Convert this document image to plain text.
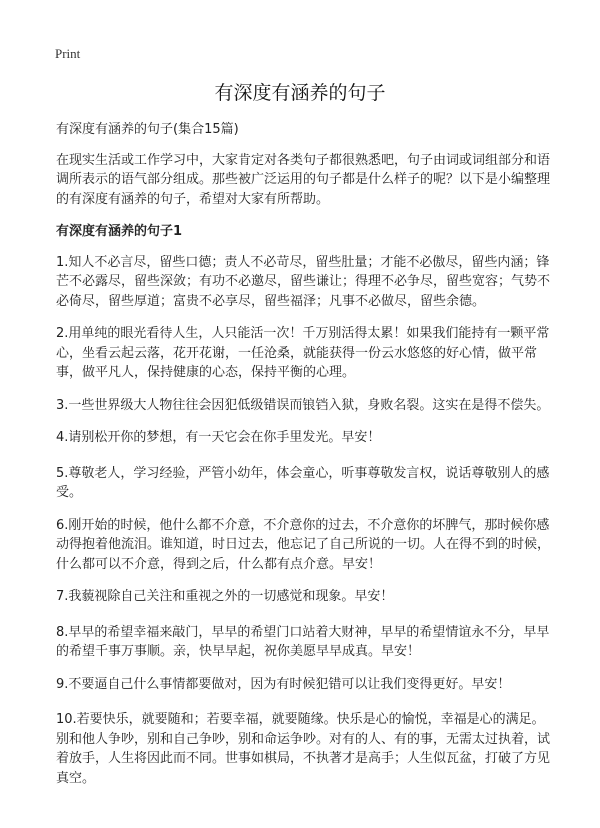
Print
有深度有涵养的句子
有深度有涵养的句子(集合15篇)
在现实生活或工作学习中，大家肯定对各类句子都很熟悉吧，句子由词或词组部分和语调所表示的语气部分组成。那些被广泛运用的句子都是什么样子的呢？以下是小编整理的有深度有涵养的句子，希望对大家有所帮助。
有深度有涵养的句子1
1.知人不必言尽，留些口德；责人不必苛尽，留些肚量；才能不必傲尽，留些内涵；锋芒不必露尽，留些深敛；有功不必邀尽，留些谦让；得理不必争尽，留些宽容；气势不必倚尽，留些厚道；富贵不必享尽，留些福泽；凡事不必做尽，留些余德。
2.用单纯的眼光看待人生，人只能活一次！千万别活得太累！如果我们能持有一颗平常心，坐看云起云落，花开花谢，一任沧桑，就能获得一份云水悠悠的好心情，做平常事，做平凡人，保持健康的心态，保持平衡的心理。
3.一些世界级大人物往往会因犯低级错误而锒铛入狱，身败名裂。这实在是得不偿失。
4.请别松开你的梦想，有一天它会在你手里发光。早安！
5.尊敬老人，学习经验，严管小幼年，体会童心，听事尊敬发言权，说话尊敬别人的感受。
6.刚开始的时候，他什么都不介意，不介意你的过去，不介意你的坏脾气，那时候你感动得抱着他流泪。谁知道，时日过去，他忘记了自己所说的一切。人在得不到的时候，什么都可以不介意，得到之后，什么都有点介意。早安！
7.我藐视除自己关注和重视之外的一切感觉和现象。早安！
8.早早的希望幸福来敲门，早早的希望门口站着大财神，早早的希望情谊永不分，早早的希望千事万事顺。亲，快早早起，祝你美愿早早成真。早安！
9.不要逼自己什么事情都要做对，因为有时候犯错可以让我们变得更好。早安！
10.若要快乐，就要随和；若要幸福，就要随缘。快乐是心的愉悦，幸福是心的满足。别和他人争吵，别和自己争吵，别和命运争吵。对有的人、有的事，无需太过执着，试着放手，人生将因此而不同。世事如棋局，不执著才是高手；人生似瓦盆，打破了方见真空。
